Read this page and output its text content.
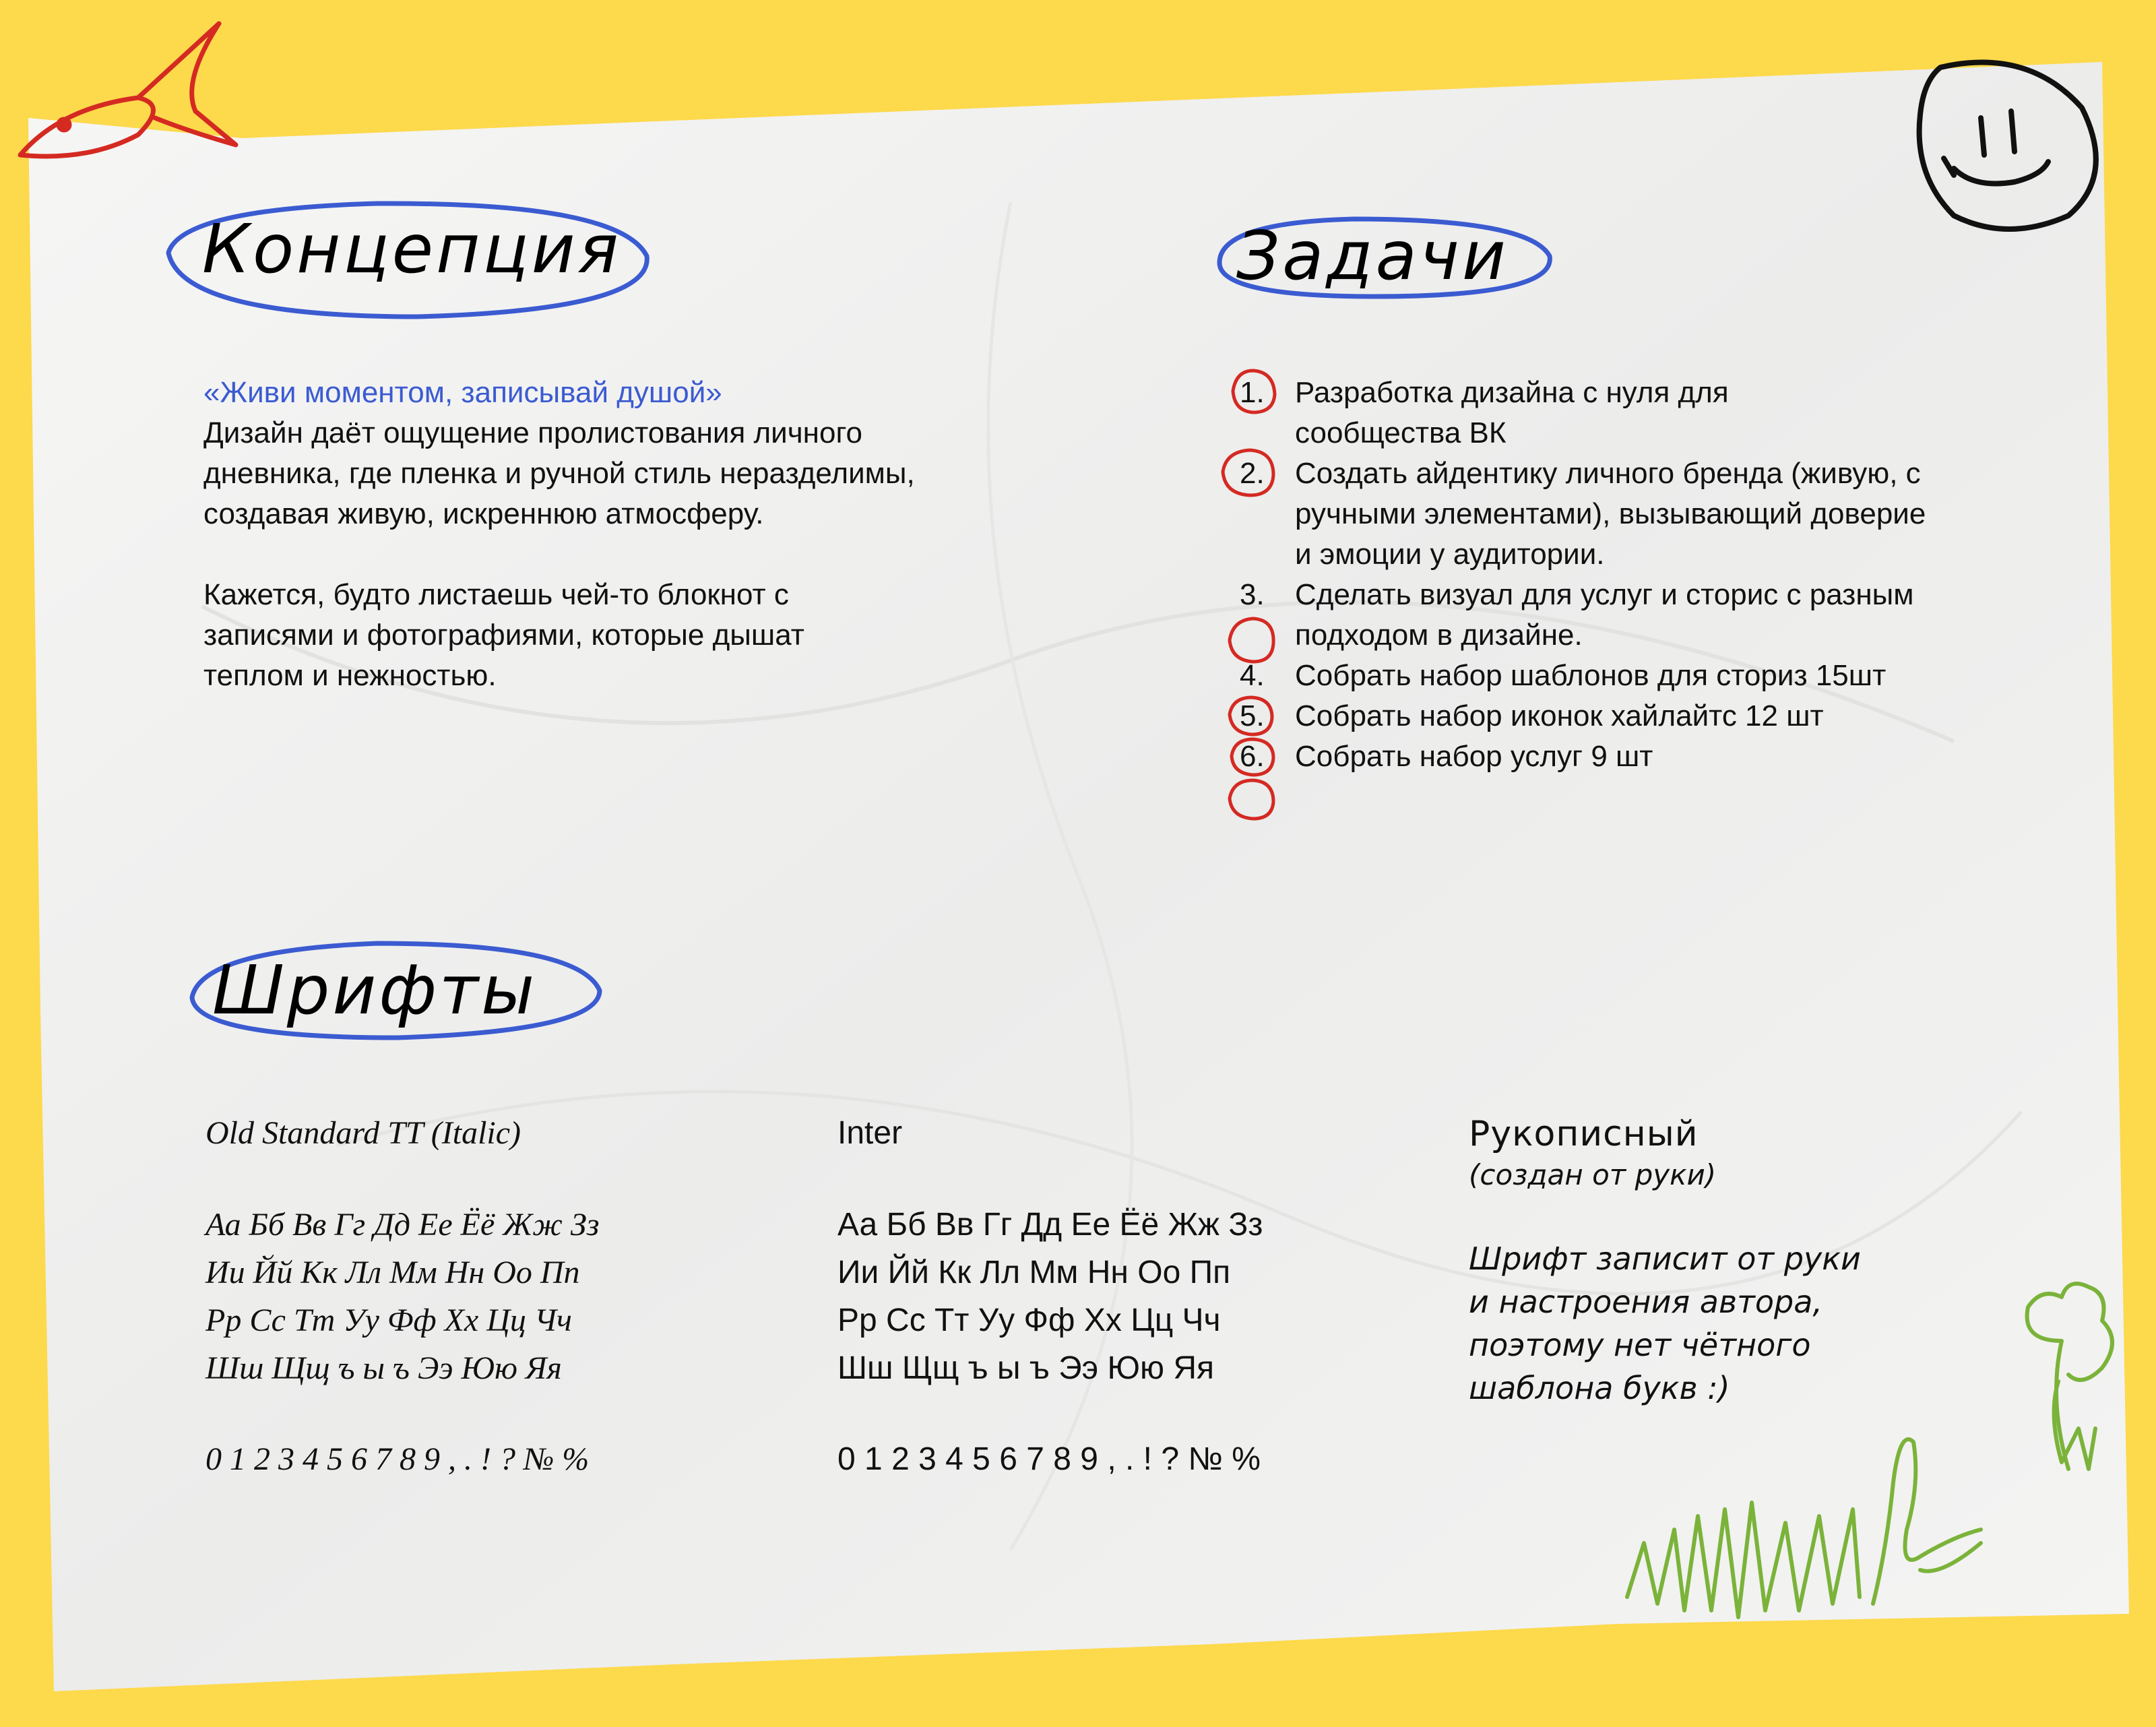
Концепция	Задачи
Шрифты
«Живи моментом, записывай душой»
Дизайн даёт ощущение пролистования личного дневника, где пленка и ручной стиль неразделимы, создавая живую, искреннюю атмосферу.
Кажется, будто листаешь чей-то блокнот с записями и фотографиями, которые дышат теплом и нежностью.
1. Разработка дизайна с нуля для сообщества ВК
2. Создать айдентику личного бренда (живую, с ручными элементами), вызывающий доверие и эмоции у аудитории.
3. Сделать визуал для услуг и сторис с разным подходом в дизайне.
4. Собрать набор шаблонов для сториз 15шт
5. Собрать набор иконок хайлайтс 12 шт
6. Собрать набор услуг 9 шт
Old Standard TT (Italic)
Аа Бб Вв Гг Дд Ее Ёё Жж Зз
Ии Йй Кк Лл Мм Нн Оо Пп
Рр Сс Тт Уу Фф Хх Цц Чч
Шш Щщ ъ ы ъ Ээ Юю Яя
0 1 2 3 4 5 6 7 8 9 , . ! ? № %
Inter
Аа Бб Вв Гг Дд Ее Ёё Жж Зз
Ии Йй Кк Лл Мм Нн Оо Пп
Рр Сс Тт Уу Фф Хх Цц Чч
Шш Щщ ъ ы ъ Ээ Юю Яя
0 1 2 3 4 5 6 7 8 9 , . ! ? № %
Рукописный
(создан от руки)
Шрифт записит от руки и настроения автора, поэтому нет чётного шаблона букв :)
